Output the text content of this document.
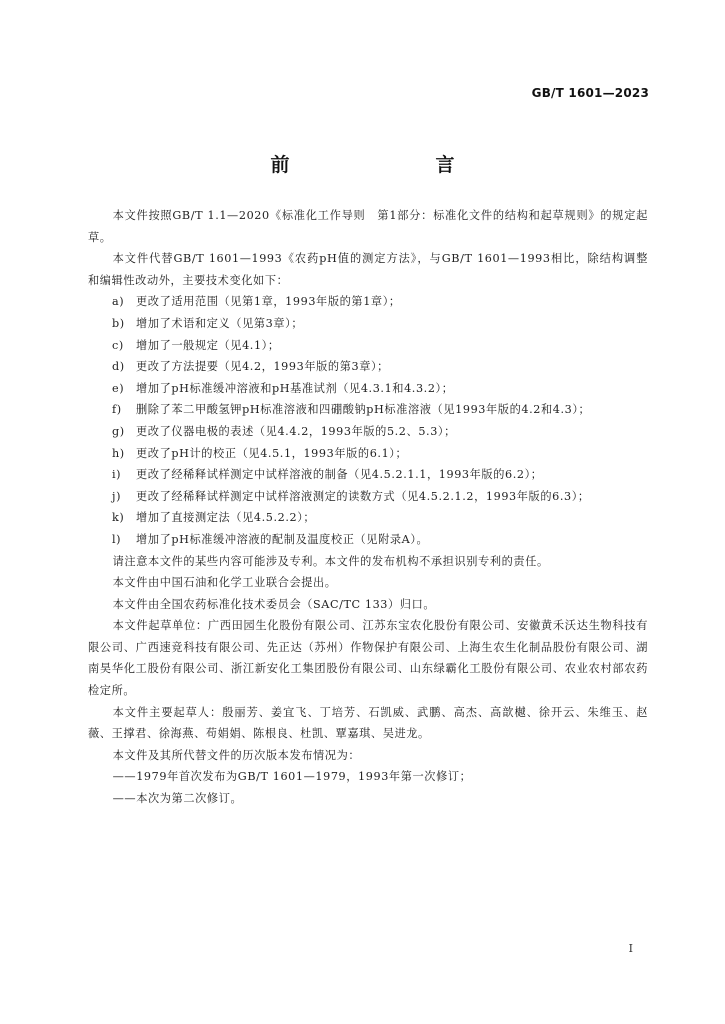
GB/T 1601—2023
前　　言

本文件按照GB/T 1.1—2020《标准化工作导则　第1部分：标准化文件的结构和起草规则》的规定起草。

本文件代替GB/T 1601—1993《农药pH值的测定方法》，与GB/T 1601—1993相比，除结构调整和编辑性改动外，主要技术变化如下：

a)	更改了适用范围（见第1章，1993年版的第1章）；

b)	增加了术语和定义（见第3章）；

c)	增加了一般规定（见4.1）；

d)	更改了方法提要（见4.2，1993年版的第3章）；

e)	增加了pH标准缓冲溶液和pH基准试剂（见4.3.1和4.3.2）；

f)	删除了苯二甲酸氢钾pH标准溶液和四硼酸钠pH标准溶液（见1993年版的4.2和4.3）；

g)	更改了仪器电极的表述（见4.4.2，1993年版的5.2、5.3）；

h)	更改了pH计的校正（见4.5.1，1993年版的6.1）；

i)	更改了经稀释试样测定中试样溶液的制备（见4.5.2.1.1，1993年版的6.2）；

j)	更改了经稀释试样测定中试样溶液测定的读数方式（见4.5.2.1.2，1993年版的6.3）；

k)	增加了直接测定法（见4.5.2.2）；

l)	增加了pH标准缓冲溶液的配制及温度校正（见附录A）。

请注意本文件的某些内容可能涉及专利。本文件的发布机构不承担识别专利的责任。

本文件由中国石油和化学工业联合会提出。

本文件由全国农药标准化技术委员会（SAC/TC 133）归口。

本文件起草单位：广西田园生化股份有限公司、江苏东宝农化股份有限公司、安徽黄禾沃达生物科技有限公司、广西速竞科技有限公司、先正达（苏州）作物保护有限公司、上海生农生化制品股份有限公司、湖南昊华化工股份有限公司、浙江新安化工集团股份有限公司、山东绿霸化工股份有限公司、农业农村部农药检定所。

本文件主要起草人：殷丽芳、姜宜飞、丁培芳、石凯威、武鹏、高杰、高歆樾、徐开云、朱维玉、赵薇、王撑君、徐海燕、苟娟娟、陈根良、杜凯、覃嘉琪、吴进龙。

本文件及其所代替文件的历次版本发布情况为：

——1979年首次发布为GB/T 1601—1979，1993年第一次修订；

——本次为第二次修订。

I
